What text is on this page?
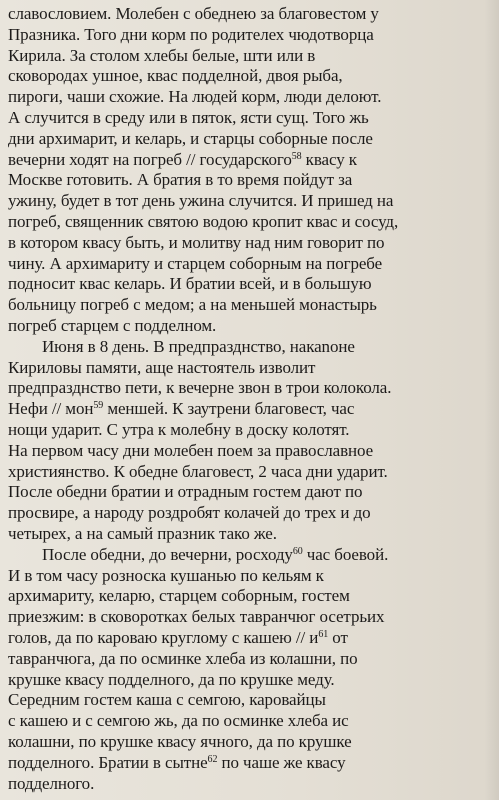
славословием. Молебен с обеднею за благовестом у
Празника. Того дни корм по родителех чюдотворца
Кирила. За столом хлебы белые, шти или в
сковородах ушное, квас подделной, двоя рыба,
пироги, чаши схожие. На людей корм, люди делоют.
А случится в среду или в пяток, ясти сущ. Того жь
дни архимарит, и келарь, и старцы соборные после
вечерни ходят на погреб // государского$^{58}$ квасу к
Москве готовить. А братия в то время пойдут за
ужину, будет в тот день ужина случится. И пришед на
погреб, священник святою водою кропит квас и сосуд,
в котором квасу быть, и молитву над ним говорит по
чину. А архимариту и старцем соборным на погребе
подносит квас келарь. И братии всей, и в большую
больницу погреб с медом; а на меньшей монастырь
погреб старцем с подделном.
Июня в 8 день. В предпразднство, накаnоне
Кириловы памяти, аще настоятель изволит
предпразднство пети, к вечерне звон в трои колокола.
Нефи // мон$^{59}$ меншей. К заутрени благовест, час
нощи ударит. С утра к молебну в доску колотят.
На первом часу дни молебен поем за православное
християнство. К обедне благовест, 2 часа дни ударит.
После обедни братии и отрадным гостем дают по
просвире, а народу роздробят колачей до трех и до
четырех, а на самый празник тако же.
После обедни, до вечерни, росходу$^{60}$ час боевой.
И в том часу розноска кушанью по кельям к
архимариту, келарю, старцем соборным, гостем
приезжим: в сковоротках белых тавранчюг осетрьих
голов, да по кароваю круглому с кашею // $и^{61}$ от
тавранчюга, да по осминке хлеба из колашни, по
крушке квасу подделного, да по крушке меду.
Середним гостем каша с семгою, каровайцы
с кашею и с семгою жь, да по осминке хлеба ис
колашни, по крушке квасу ячного, да по крушке
подделного. Братии в сытне$^{62}$ по чаше же квасу
подделного.
